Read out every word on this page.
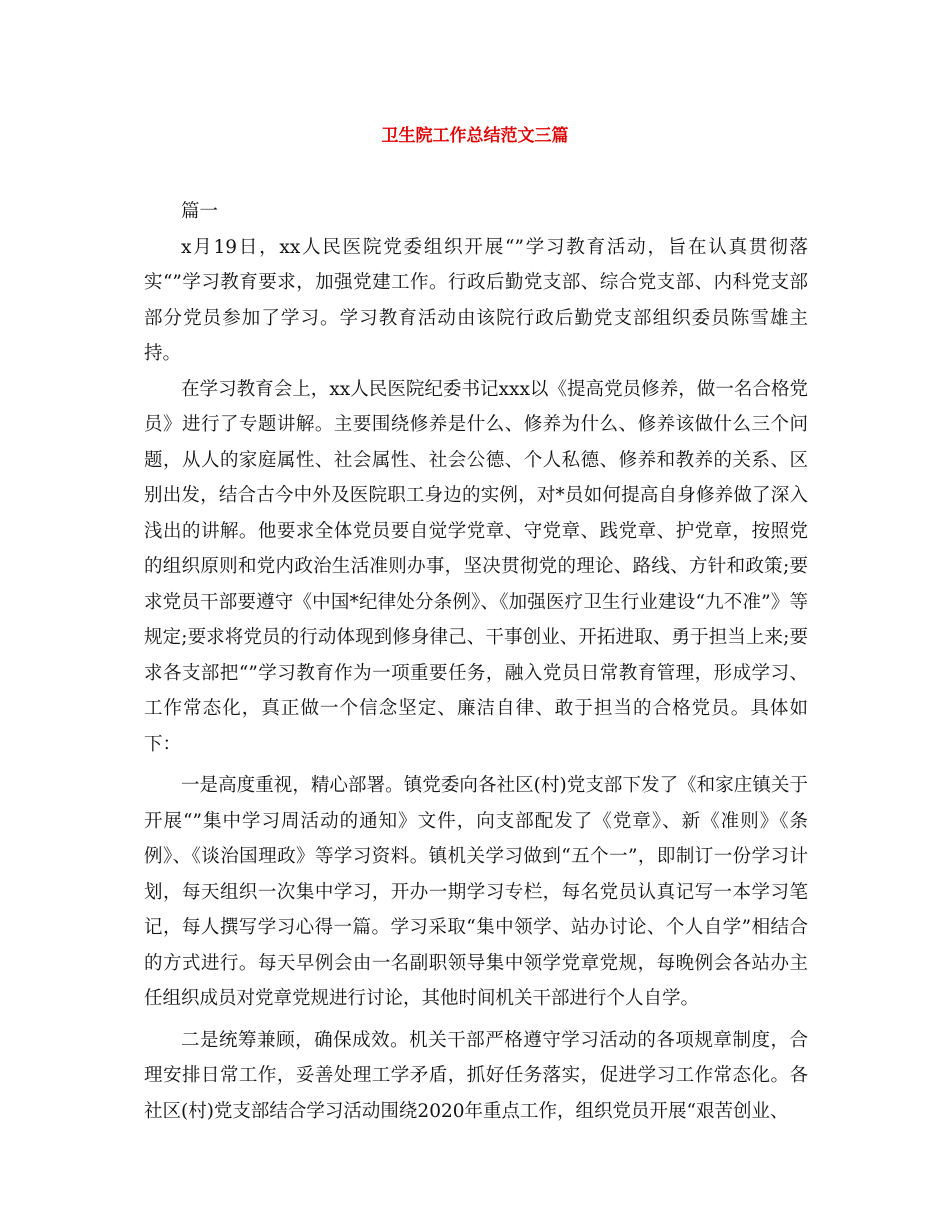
卫生院工作总结范文三篇

篇一

x月19日，xx人民医院党委组织开展“”学习教育活动，旨在认真贯彻落实“”学习教育要求，加强党建工作。行政后勤党支部、综合党支部、内科党支部部分党员参加了学习。学习教育活动由该院行政后勤党支部组织委员陈雪雄主持。

在学习教育会上，xx人民医院纪委书记xxx以《提高党员修养，做一名合格党员》进行了专题讲解。主要围绕修养是什么、修养为什么、修养该做什么三个问题，从人的家庭属性、社会属性、社会公德、个人私德、修养和教养的关系、区别出发，结合古今中外及医院职工身边的实例，对*员如何提高自身修养做了深入浅出的讲解。他要求全体党员要自觉学党章、守党章、践党章、护党章，按照党的组织原则和党内政治生活准则办事，坚决贯彻党的理论、路线、方针和政策;要求党员干部要遵守《中国*纪律处分条例》、《加强医疗卫生行业建设“九不准”》等规定;要求将党员的行动体现到修身律己、干事创业、开拓进取、勇于担当上来;要求各支部把“”学习教育作为一项重要任务，融入党员日常教育管理，形成学习、工作常态化，真正做一个信念坚定、廉洁自律、敢于担当的合格党员。具体如下：

一是高度重视，精心部署。镇党委向各社区(村)党支部下发了《和家庄镇关于开展“”集中学习周活动的通知》文件，向支部配发了《党章》、新《准则》《条例》、《谈治国理政》等学习资料。镇机关学习做到“五个一”，即制订一份学习计划，每天组织一次集中学习，开办一期学习专栏，每名党员认真记写一本学习笔记，每人撰写学习心得一篇。学习采取“集中领学、站办讨论、个人自学”相结合的方式进行。每天早例会由一名副职领导集中领学党章党规，每晚例会各站办主任组织成员对党章党规进行讨论，其他时间机关干部进行个人自学。

二是统筹兼顾，确保成效。机关干部严格遵守学习活动的各项规章制度，合理安排日常工作，妥善处理工学矛盾，抓好任务落实，促进学习工作常态化。各社区(村)党支部结合学习活动围绕2020年重点工作，组织党员开展“艰苦创业、
